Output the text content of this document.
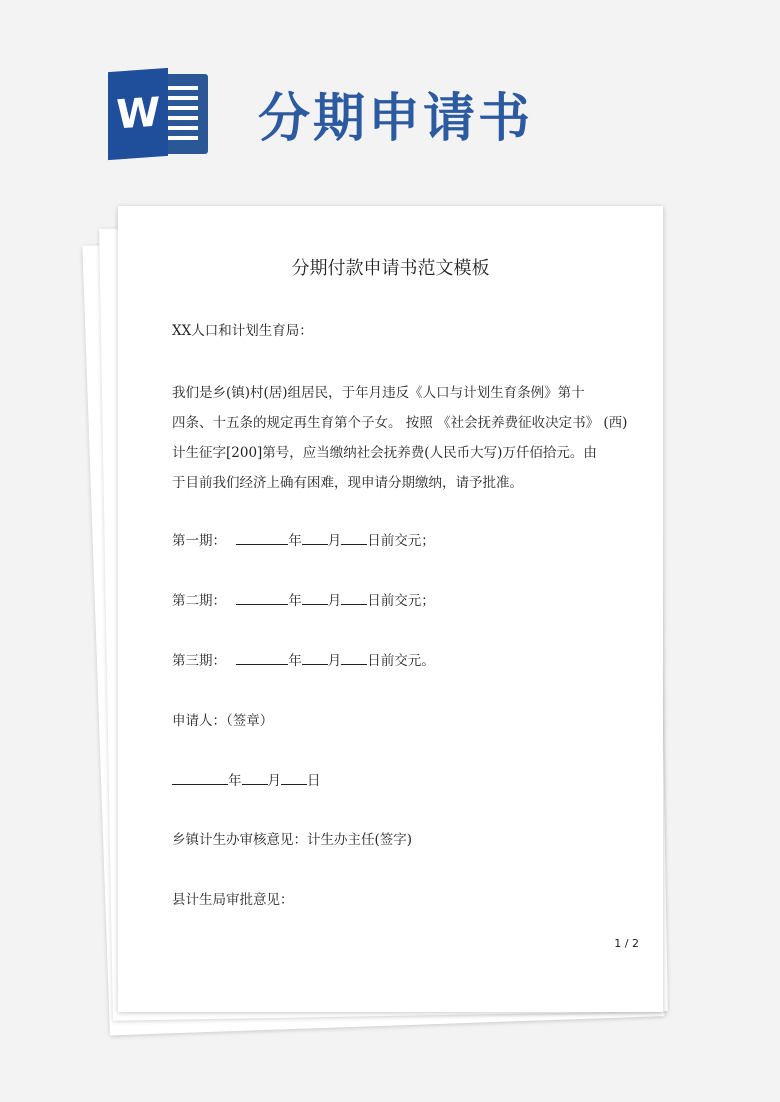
W 分期申请书
分期付款申请书范文模板
XX人口和计划生育局：
我们是乡(镇)村(居)组居民，于年月违反《人口与计划生育条例》第十
四条、十五条的规定再生育第个子女。 按照 《社会抚养费征收决定书》 (西)
计生征字[200]第号，应当缴纳社会抚养费(人民币大写)万仟佰拾元。由
于目前我们经济上确有困难，现申请分期缴纳，请予批准。
第一期：	年 月 日前交元；
第二期：	年 月 日前交元；
第三期：	年 月 日前交元。
申请人：（签章）
年 月 日
乡镇计生办审核意见：计生办主任(签字)
县计生局审批意见：
1 / 2
